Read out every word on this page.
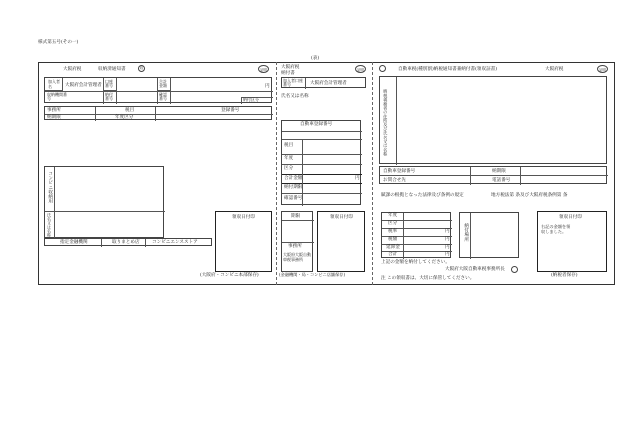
様式第五号(その一)
(表)
大阪府税	収納済通知書	収	証明
加入者名	大阪府会計管理者
口座番号
合計金額	円
収納機関番号
納付番号
確認番号	納付区分
事務所	税目	登録番号
納期限	年度区分
コンビニ収納用
氏名又は名称
指定金融機関	取りまとめ店	コンビニエンスストア
領収日付印
(大阪府・コンビニ本部保存)
大阪府税
納付書
証明
加入者口座番号	大阪府会計管理者
氏名又は名称
自動車登録番号
税目
年度
区分
合計金額	円
納付期限
確認番号
期限
事務所
大阪府大阪自動車税事務所
領収日付印
(金融機関・局・コンビニ店舗保存)
自動車税(種別割)納税通知書兼納付書(領収証書)	大阪府税	証明
納税義務者の住所及び氏名又は名称
自動車登録番号	納期限
お問合せ先	電話番号
賦課の根拠となった法律及び条例の規定	地方税法第 条及び大阪府税条例第 条
年度
区分
税率	円
税額	円
延滞金	円
合計	円
納付場所
上記の金額を納付してください。
大阪府大阪自動車税事務所長
注 この領収書は、大切に保管してください。
領収日付印
右記の金額を領収しました。
(納税者保存)
